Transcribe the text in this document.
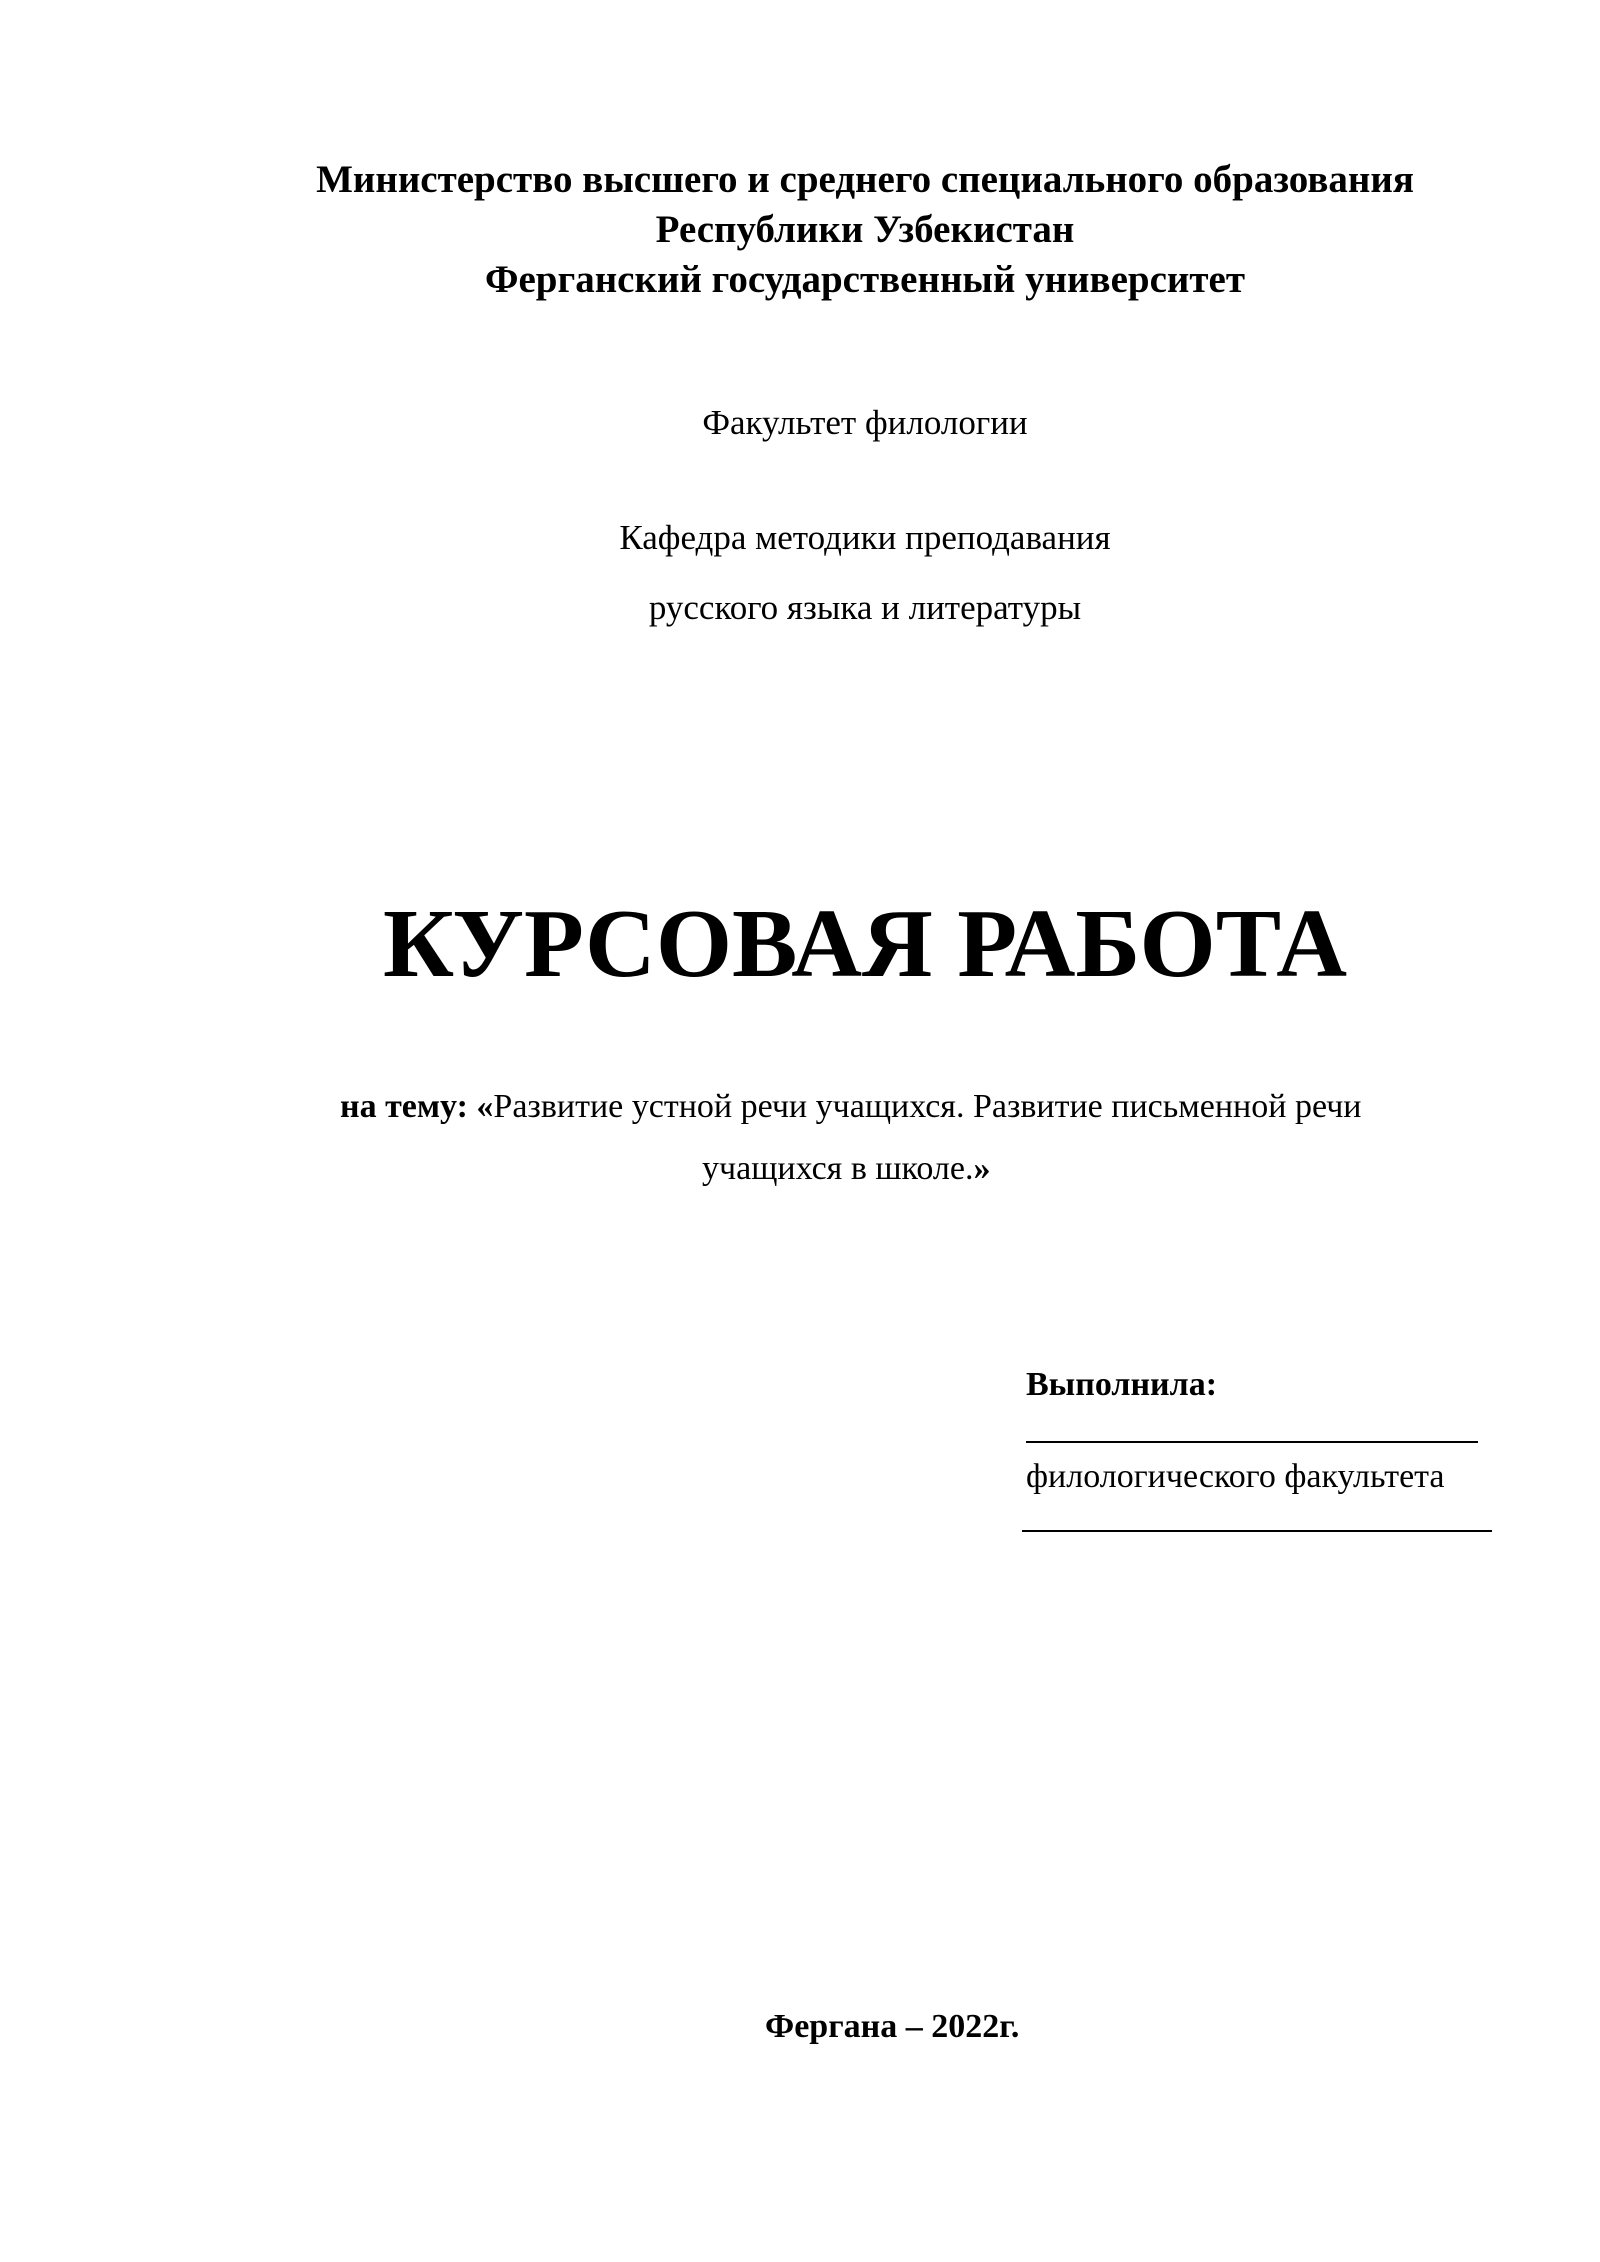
Министерство высшего и среднего специального образования
Республики Узбекистан
Ферганский государственный университет
Факультет филологии
Кафедра методики преподавания
русского языка и литературы
КУРСОВАЯ РАБОТА
на тему: «Развитие устной речи учащихся. Развитие письменной речи
учащихся в школе.»
Выполнила:
филологического факультета
Фергана – 2022г.
